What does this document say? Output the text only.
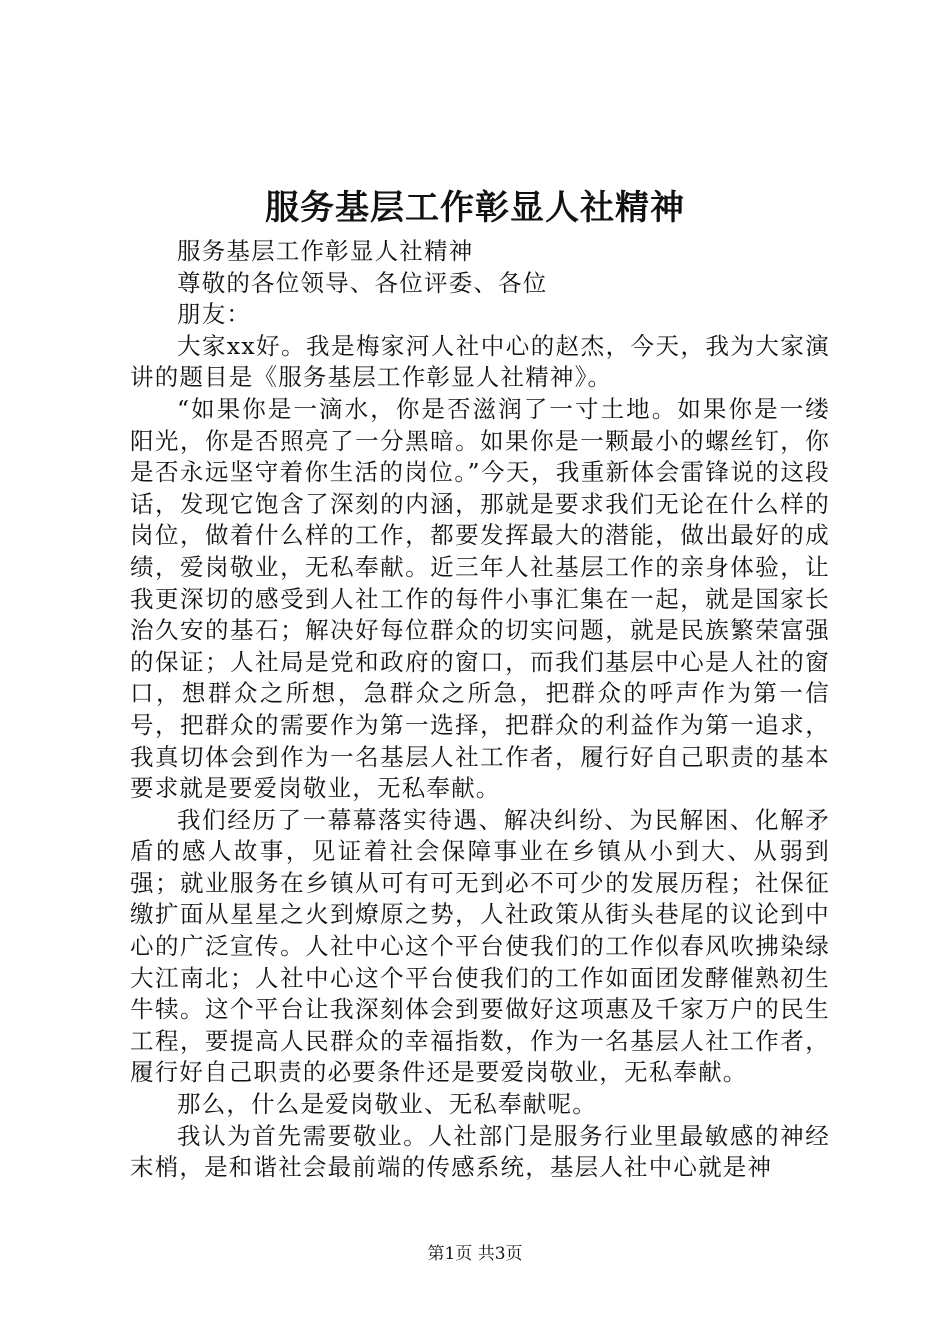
服务基层工作彰显人社精神

服务基层工作彰显人社精神

尊敬的各位领导、各位评委、各位

朋友：

大家xx好。我是梅家河人社中心的赵杰，今天，我为大家演讲的题目是《服务基层工作彰显人社精神》。

“如果你是一滴水，你是否滋润了一寸土地。如果你是一缕阳光，你是否照亮了一分黑暗。如果你是一颗最小的螺丝钉，你是否永远坚守着你生活的岗位。”今天，我重新体会雷锋说的这段话，发现它饱含了深刻的内涵，那就是要求我们无论在什么样的岗位，做着什么样的工作，都要发挥最大的潜能，做出最好的成绩，爱岗敬业，无私奉献。近三年人社基层工作的亲身体验，让我更深切的感受到人社工作的每件小事汇集在一起，就是国家长治久安的基石；解决好每位群众的切实问题，就是民族繁荣富强的保证；人社局是党和政府的窗口，而我们基层中心是人社的窗口，想群众之所想，急群众之所急，把群众的呼声作为第一信号，把群众的需要作为第一选择，把群众的利益作为第一追求，我真切体会到作为一名基层人社工作者，履行好自己职责的基本要求就是要爱岗敬业，无私奉献。

我们经历了一幕幕落实待遇、解决纠纷、为民解困、化解矛盾的感人故事，见证着社会保障事业在乡镇从小到大、从弱到强；就业服务在乡镇从可有可无到必不可少的发展历程；社保征缴扩面从星星之火到燎原之势，人社政策从街头巷尾的议论到中心的广泛宣传。人社中心这个平台使我们的工作似春风吹拂染绿大江南北；人社中心这个平台使我们的工作如面团发酵催熟初生牛犊。这个平台让我深刻体会到要做好这项惠及千家万户的民生工程，要提高人民群众的幸福指数，作为一名基层人社工作者，履行好自己职责的必要条件还是要爱岗敬业，无私奉献。

那么，什么是爱岗敬业、无私奉献呢。

我认为首先需要敬业。人社部门是服务行业里最敏感的神经末梢，是和谐社会最前端的传感系统，基层人社中心就是神

第1页 共3页
